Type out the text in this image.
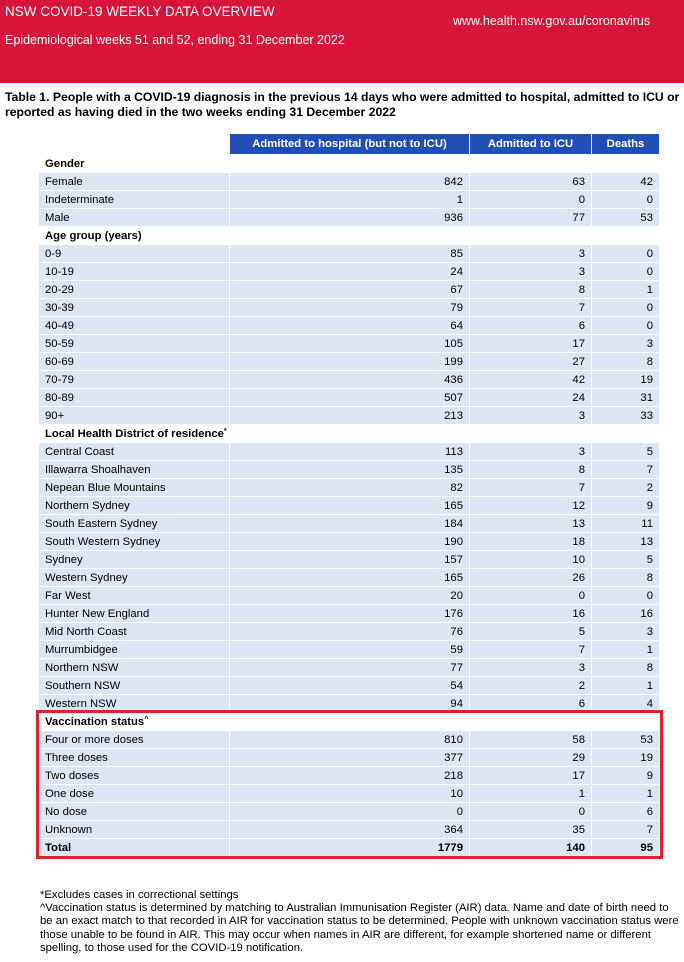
NSW COVID-19 WEEKLY DATA OVERVIEW
Epidemiological weeks 51 and 52, ending 31 December 2022
www.health.nsw.gov.au/coronavirus
Table 1. People with a COVID-19 diagnosis in the previous 14 days who were admitted to hospital, admitted to ICU or reported as having died in the two weeks ending 31 December 2022
	Admitted to hospital (but not to ICU)	Admitted to ICU	Deaths
Gender			
Female	842	63	42
Indeterminate	1	0	0
Male	936	77	53
Age group (years)			
0-9	85	3	0
10-19	24	3	0
20-29	67	8	1
30-39	79	7	0
40-49	64	6	0
50-59	105	17	3
60-69	199	27	8
70-79	436	42	19
80-89	507	24	31
90+	213	3	33
Local Health District of residence*
Central Coast	113	3	5
Illawarra Shoalhaven	135	8	7
Nepean Blue Mountains	82	7	2
Northern Sydney	165	12	9
South Eastern Sydney	184	13	11
South Western Sydney	190	18	13
Sydney	157	10	5
Western Sydney	165	26	8
Far West	20	0	0
Hunter New England	176	16	16
Mid North Coast	76	5	3
Murrumbidgee	59	7	1
Northern NSW	77	3	8
Southern NSW	54	2	1
Western NSW	94	6	4
Vaccination status^
Four or more doses	810	58	53
Three doses	377	29	19
Two doses	218	17	9
One dose	10	1	1
No dose	0	0	6
Unknown	364	35	7
Total	1779	140	95

*Excludes cases in correctional settings

^Vaccination status is determined by matching to Australian Immunisation Register (AIR) data. Name and date of birth need to be an exact match to that recorded in AIR for vaccination status to be determined. People with unknown vaccination status were those unable to be found in AIR. This may occur when names in AIR are different, for example shortened name or different spelling, to those used for the COVID-19 notification.
